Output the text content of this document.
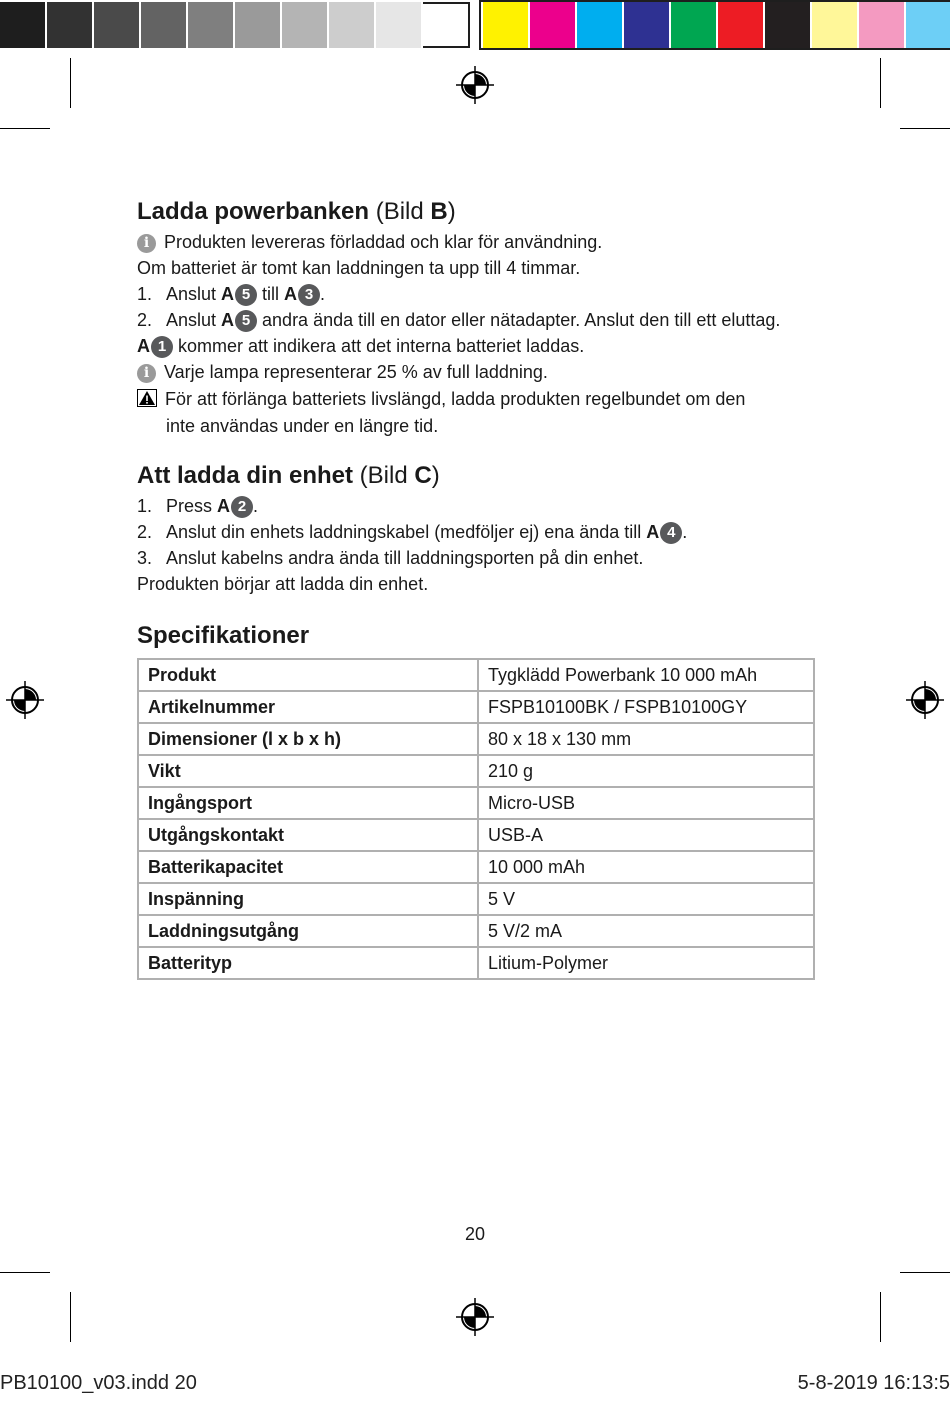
Ladda powerbanken (Bild B)

i Produkten levereras förladdad och klar för användning.

Om batteriet är tomt kan laddningen ta upp till 4 timmar.

1. Anslut A 5 till A 3 .

2. Anslut A 5 andra ända till en dator eller nätadapter. Anslut den till ett eluttag.

A 1 kommer att indikera att det interna batteriet laddas.

i Varje lampa representerar 25 % av full laddning.

För att förlänga batteriets livslängd, ladda produkten regelbundet om den

inte användas under en längre tid.

Att ladda din enhet (Bild C)

1. Press A 2 .

2. Anslut din enhets laddningskabel (medföljer ej) ena ända till A 4 .

3. Anslut kabelns andra ända till laddningsporten på din enhet.

Produkten börjar att ladda din enhet.

Specifikationer
Produkt	Tygklädd Powerbank 10 000 mAh
Artikelnummer	FSPB10100BK / FSPB10100GY
Dimensioner (l x b x h)	80 x 18 x 130 mm
Vikt	210 g
Ingångsport	Micro-USB
Utgångskontakt	USB-A
Batterikapacitet	10 000 mAh
Inspänning	5 V
Laddningsutgång	5 V/2 mA
Batterityp	Litium-Polymer
20
PB10100_v03.indd 20	5-8-2019 16:13:5
